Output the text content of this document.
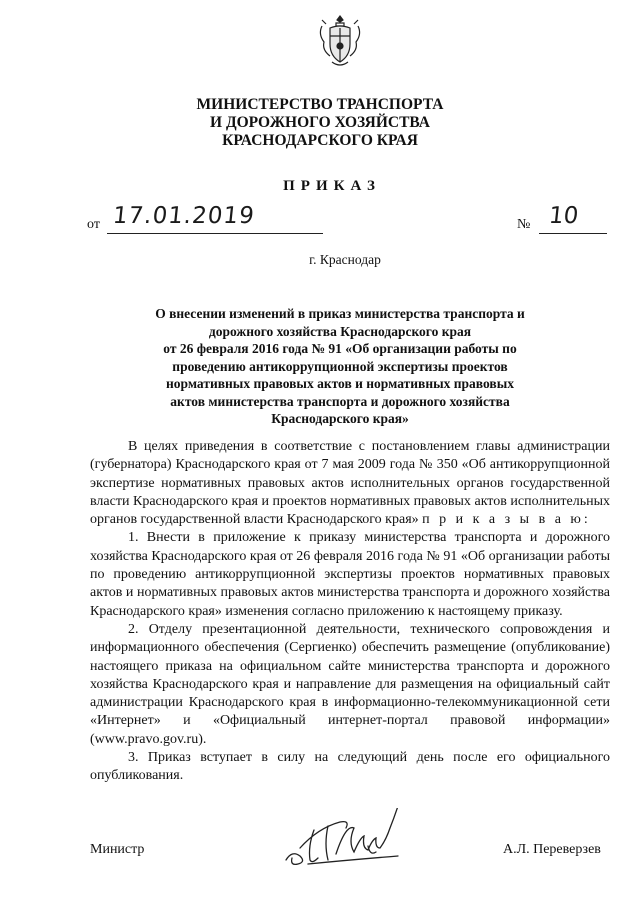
МИНИСТЕРСТВО ТРАНСПОРТА
И ДОРОЖНОГО ХОЗЯЙСТВА
КРАСНОДАРСКОГО КРАЯ
ПРИКАЗ
от 17.01.2019	№ 10
г. Краснодар
О внесении изменений в приказ министерства транспорта и
дорожного хозяйства Краснодарского края
от 26 февраля 2016 года № 91 «Об организации работы по
проведению антикоррупционной экспертизы проектов
нормативных правовых актов и нормативных правовых
актов министерства транспорта и дорожного хозяйства
Краснодарского края»

В целях приведения в соответствие с постановлением главы администрации (губернатора) Краснодарского края от 7 мая 2009 года № 350 «Об антикоррупционной экспертизе нормативных правовых актов исполнительных органов государственной власти Краснодарского края и проектов нормативных правовых актов исполнительных органов государственной власти Краснодарского края» п р и к а з ы в а ю:

1. Внести в приложение к приказу министерства транспорта и дорожного хозяйства Краснодарского края от 26 февраля 2016 года № 91 «Об организации работы по проведению антикоррупционной экспертизы проектов нормативных правовых актов и нормативных правовых актов министерства транспорта и дорожного хозяйства Краснодарского края» изменения согласно приложению к настоящему приказу.

2. Отделу презентационной деятельности, технического сопровождения и информационного обеспечения (Сергиенко) обеспечить размещение (опубликование) настоящего приказа на официальном сайте министерства транспорта и дорожного хозяйства Краснодарского края и направление для размещения на официальный сайт администрации Краснодарского края в информационно-телекоммуникационной сети «Интернет» и «Официальный интернет-портал правовой информации» (www.pravo.gov.ru).

3. Приказ вступает в силу на следующий день после его официального опубликования.

Министр	А.Л. Переверзев
